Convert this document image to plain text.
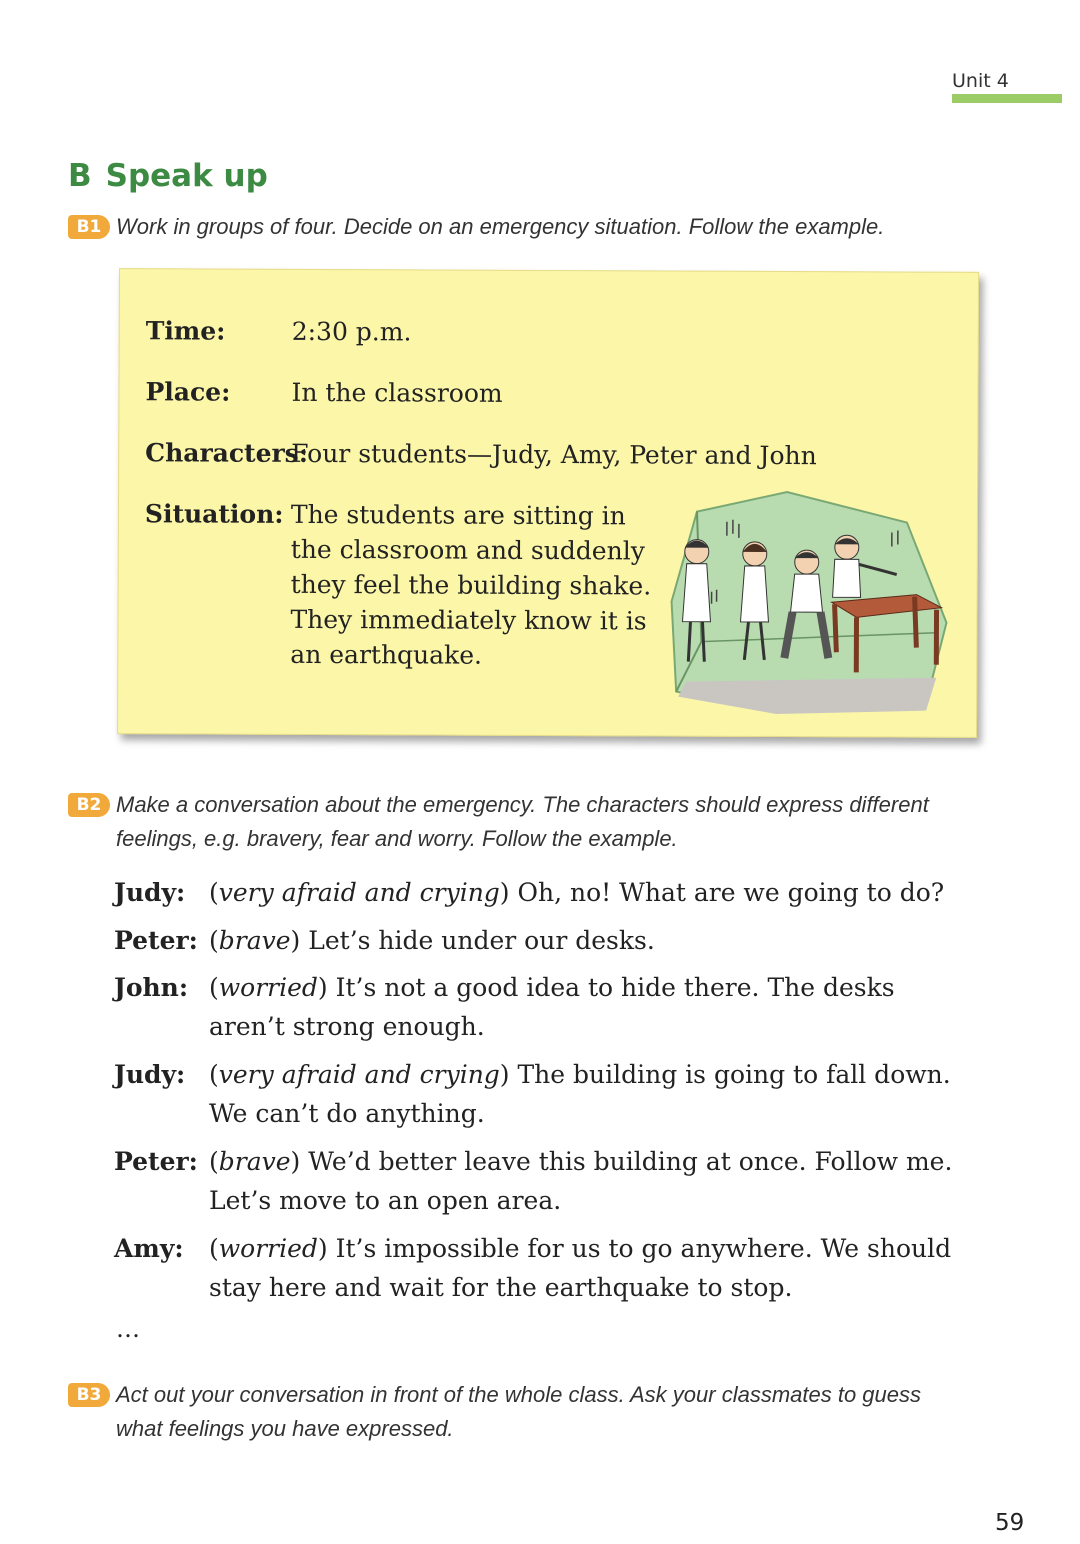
Unit 4
B Speak up
B1 Work in groups of four. Decide on an emergency situation. Follow the example.
Time:	2:30 p.m.
Place: In the classroom
Characters:
Four students—Judy, Amy, Peter and John
Situation: The students are sitting in the classroom and suddenly they feel the building shake. They immediately know it is an earthquake.
B2 Make a conversation about the emergency. The characters should express different feelings, e.g. bravery, fear and worry. Follow the example.
Judy: (very afraid and crying) Oh, no! What are we going to do?
Peter: (brave) Let’s hide under our desks.
John: (worried) It’s not a good idea to hide there. The desks aren’t strong enough.
Judy: (very afraid and crying) The building is going to fall down. We can’t do anything.
Peter: (brave) We’d better leave this building at once. Follow me. Let’s move to an open area.
Amy: (worried) It’s impossible for us to go anywhere. We should stay here and wait for the earthquake to stop.
…
B3 Act out your conversation in front of the whole class. Ask your classmates to guess what feelings you have expressed.
59
